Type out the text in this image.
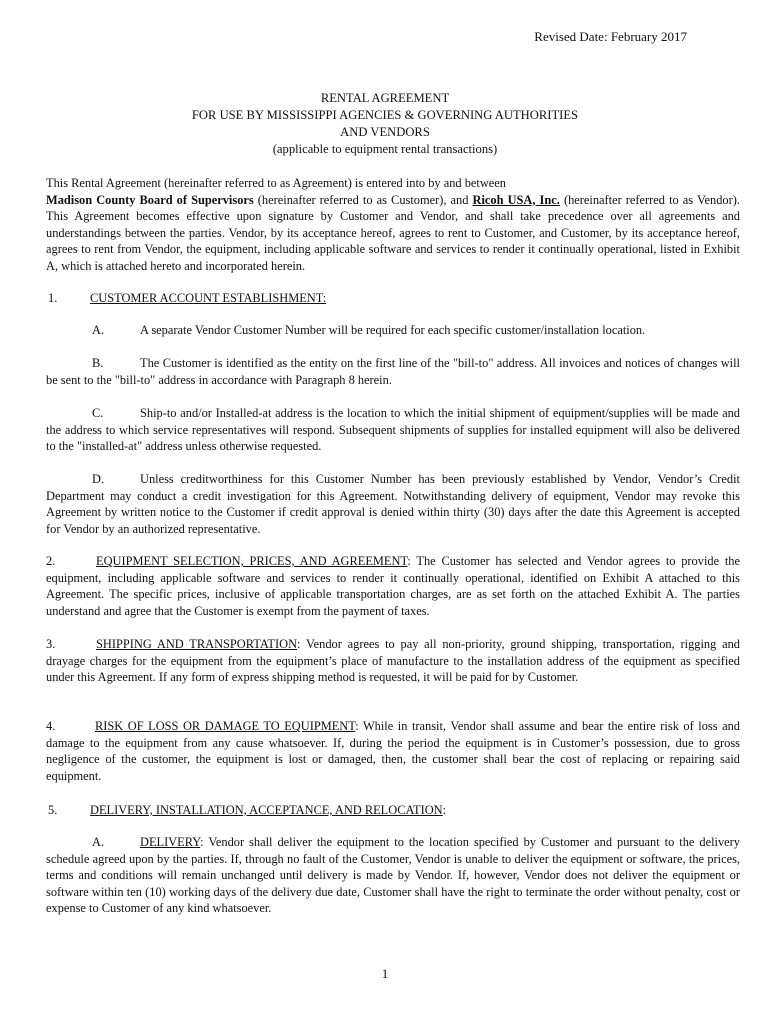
Revised Date: February 2017
RENTAL AGREEMENT
FOR USE BY MISSISSIPPI AGENCIES & GOVERNING AUTHORITIES
AND VENDORS
(applicable to equipment rental transactions)
This Rental Agreement (hereinafter referred to as Agreement) is entered into by and between
Madison County Board of Supervisors (hereinafter referred to as Customer), and Ricoh USA, Inc. (hereinafter referred to as Vendor). This Agreement becomes effective upon signature by Customer and Vendor, and shall take precedence over all agreements and understandings between the parties. Vendor, by its acceptance hereof, agrees to rent to Customer, and Customer, by its acceptance hereof, agrees to rent from Vendor, the equipment, including applicable software and services to render it continually operational, listed in Exhibit A, which is attached hereto and incorporated herein.
1.	CUSTOMER ACCOUNT ESTABLISHMENT:
A.	A separate Vendor Customer Number will be required for each specific customer/installation location.
B.	The Customer is identified as the entity on the first line of the "bill-to" address. All invoices and notices of changes will be sent to the "bill-to" address in accordance with Paragraph 8 herein.
C.	Ship-to and/or Installed-at address is the location to which the initial shipment of equipment/supplies will be made and the address to which service representatives will respond. Subsequent shipments of supplies for installed equipment will also be delivered to the "installed-at" address unless otherwise requested.
D.	Unless creditworthiness for this Customer Number has been previously established by Vendor, Vendor’s Credit Department may conduct a credit investigation for this Agreement. Notwithstanding delivery of equipment, Vendor may revoke this Agreement by written notice to the Customer if credit approval is denied within thirty (30) days after the date this Agreement is accepted for Vendor by an authorized representative.
2.	EQUIPMENT SELECTION, PRICES, AND AGREEMENT: The Customer has selected and Vendor agrees to provide the equipment, including applicable software and services to render it continually operational, identified on Exhibit A attached to this Agreement. The specific prices, inclusive of applicable transportation charges, are as set forth on the attached Exhibit A. The parties understand and agree that the Customer is exempt from the payment of taxes.
3.	SHIPPING AND TRANSPORTATION: Vendor agrees to pay all non-priority, ground shipping, transportation, rigging and drayage charges for the equipment from the equipment’s place of manufacture to the installation address of the equipment as specified under this Agreement. If any form of express shipping method is requested, it will be paid for by Customer.
4.	RISK OF LOSS OR DAMAGE TO EQUIPMENT: While in transit, Vendor shall assume and bear the entire risk of loss and damage to the equipment from any cause whatsoever. If, during the period the equipment is in Customer’s possession, due to gross negligence of the customer, the equipment is lost or damaged, then, the customer shall bear the cost of replacing or repairing said equipment.
5.	DELIVERY, INSTALLATION, ACCEPTANCE, AND RELOCATION:
A.	DELIVERY: Vendor shall deliver the equipment to the location specified by Customer and pursuant to the delivery schedule agreed upon by the parties. If, through no fault of the Customer, Vendor is unable to deliver the equipment or software, the prices, terms and conditions will remain unchanged until delivery is made by Vendor. If, however, Vendor does not deliver the equipment or software within ten (10) working days of the delivery due date, Customer shall have the right to terminate the order without penalty, cost or expense to Customer of any kind whatsoever.
1
